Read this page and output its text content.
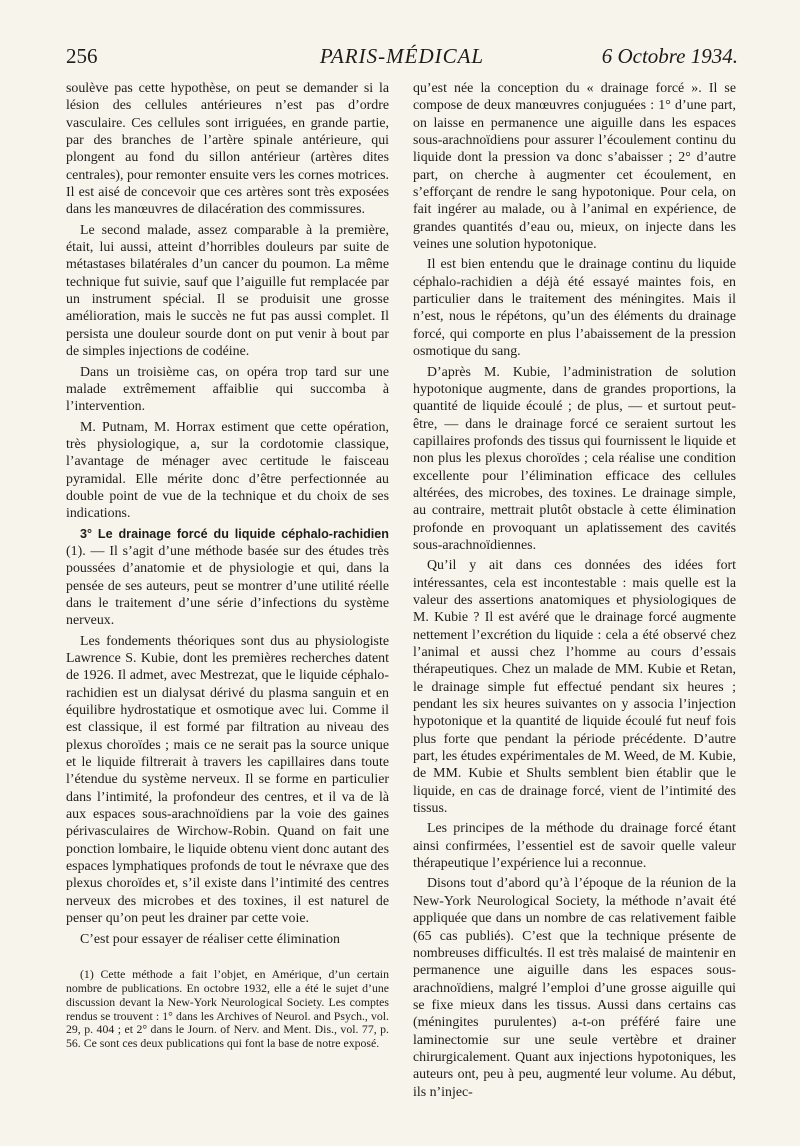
256	PARIS-MÉDICAL	6 Octobre 1934.

soulève pas cette hypothèse, on peut se demander si la lésion des cellules antérieures n’est pas d’ordre vasculaire. Ces cellules sont irriguées, en grande partie, par des branches de l’artère spinale antérieure, qui plongent au fond du sillon antérieur (artères dites centrales), pour remonter ensuite vers les cornes motrices. Il est aisé de concevoir que ces artères sont très exposées dans les manœuvres de dilacération des commissures.

Le second malade, assez comparable à la première, était, lui aussi, atteint d’horribles douleurs par suite de métastases bilatérales d’un cancer du poumon. La même technique fut suivie, sauf que l’aiguille fut remplacée par un instrument spécial. Il se produisit une grosse amélioration, mais le succès ne fut pas aussi complet. Il persista une douleur sourde dont on put venir à bout par de simples injections de codéine.

Dans un troisième cas, on opéra trop tard sur une malade extrêmement affaiblie qui succomba à l’intervention.

M. Putnam, M. Horrax estiment que cette opération, très physiologique, a, sur la cordotomie classique, l’avantage de ménager avec certitude le faisceau pyramidal. Elle mérite donc d’être perfectionnée au double point de vue de la technique et du choix de ses indications.

3° Le drainage forcé du liquide céphalo-rachidien (1). — Il s’agit d’une méthode basée sur des études très poussées d’anatomie et de physiologie et qui, dans la pensée de ses auteurs, peut se montrer d’une utilité réelle dans le traitement d’une série d’infections du système nerveux.

Les fondements théoriques sont dus au physiologiste Lawrence S. Kubie, dont les premières recherches datent de 1926. Il admet, avec Mestrezat, que le liquide céphalo-rachidien est un dialysat dérivé du plasma sanguin et en équilibre hydrostatique et osmotique avec lui. Comme il est classique, il est formé par filtration au niveau des plexus choroïdes ; mais ce ne serait pas la source unique et le liquide filtrerait à travers les capillaires dans toute l’étendue du système nerveux. Il se forme en particulier dans l’intimité, la profondeur des centres, et il va de là aux espaces sous-arachnoïdiens par la voie des gaines périvasculaires de Wirchow-Robin. Quand on fait une ponction lombaire, le liquide obtenu vient donc autant des espaces lymphatiques profonds de tout le névraxe que des plexus choroïdes et, s’il existe dans l’intimité des centres nerveux des microbes et des toxines, il est naturel de penser qu’on peut les drainer par cette voie.

C’est pour essayer de réaliser cette élimination

(1) Cette méthode a fait l’objet, en Amérique, d’un certain nombre de publications. En octobre 1932, elle a été le sujet d’une discussion devant la New-York Neurological Society. Les comptes rendus se trouvent : 1° dans les Archives of Neurol. and Psych., vol. 29, p. 404 ; et 2° dans le Journ. of Nerv. and Ment. Dis., vol. 77, p. 56. Ce sont ces deux publications qui font la base de notre exposé.

qu’est née la conception du « drainage forcé ». Il se compose de deux manœuvres conjuguées : 1° d’une part, on laisse en permanence une aiguille dans les espaces sous-arachnoïdiens pour assurer l’écoulement continu du liquide dont la pression va donc s’abaisser ; 2° d’autre part, on cherche à augmenter cet écoulement, en s’efforçant de rendre le sang hypotonique. Pour cela, on fait ingérer au malade, ou à l’animal en expérience, de grandes quantités d’eau ou, mieux, on injecte dans les veines une solution hypotonique.

Il est bien entendu que le drainage continu du liquide céphalo-rachidien a déjà été essayé maintes fois, en particulier dans le traitement des méningites. Mais il n’est, nous le répétons, qu’un des éléments du drainage forcé, qui comporte en plus l’abaissement de la pression osmotique du sang.

D’après M. Kubie, l’administration de solution hypotonique augmente, dans de grandes proportions, la quantité de liquide écoulé ; de plus, — et surtout peut-être, — dans le drainage forcé ce seraient surtout les capillaires profonds des tissus qui fournissent le liquide et non plus les plexus choroïdes ; cela réalise une condition excellente pour l’élimination efficace des cellules altérées, des microbes, des toxines. Le drainage simple, au contraire, mettrait plutôt obstacle à cette élimination profonde en provoquant un aplatissement des cavités sous-arachnoïdiennes.

Qu’il y ait dans ces données des idées fort intéressantes, cela est incontestable : mais quelle est la valeur des assertions anatomiques et physiologiques de M. Kubie ? Il est avéré que le drainage forcé augmente nettement l’excrétion du liquide : cela a été observé chez l’animal et aussi chez l’homme au cours d’essais thérapeutiques. Chez un malade de MM. Kubie et Retan, le drainage simple fut effectué pendant six heures ; pendant les six heures suivantes on y associa l’injection hypotonique et la quantité de liquide écoulé fut neuf fois plus forte que pendant la période précédente. D’autre part, les études expérimentales de M. Weed, de M. Kubie, de MM. Kubie et Shults semblent bien établir que le liquide, en cas de drainage forcé, vient de l’intimité des tissus.

Les principes de la méthode du drainage forcé étant ainsi confirmées, l’essentiel est de savoir quelle valeur thérapeutique l’expérience lui a reconnue.

Disons tout d’abord qu’à l’époque de la réunion de la New-York Neurological Society, la méthode n’avait été appliquée que dans un nombre de cas relativement faible (65 cas publiés). C’est que la technique présente de nombreuses difficultés. Il est très malaisé de maintenir en permanence une aiguille dans les espaces sous-arachnoïdiens, malgré l’emploi d’une grosse aiguille qui se fixe mieux dans les tissus. Aussi dans certains cas (méningites purulentes) a-t-on préféré faire une laminectomie sur une seule vertèbre et drainer chirurgicalement. Quant aux injections hypotoniques, les auteurs ont, peu à peu, augmenté leur volume. Au début, ils n’injec-
